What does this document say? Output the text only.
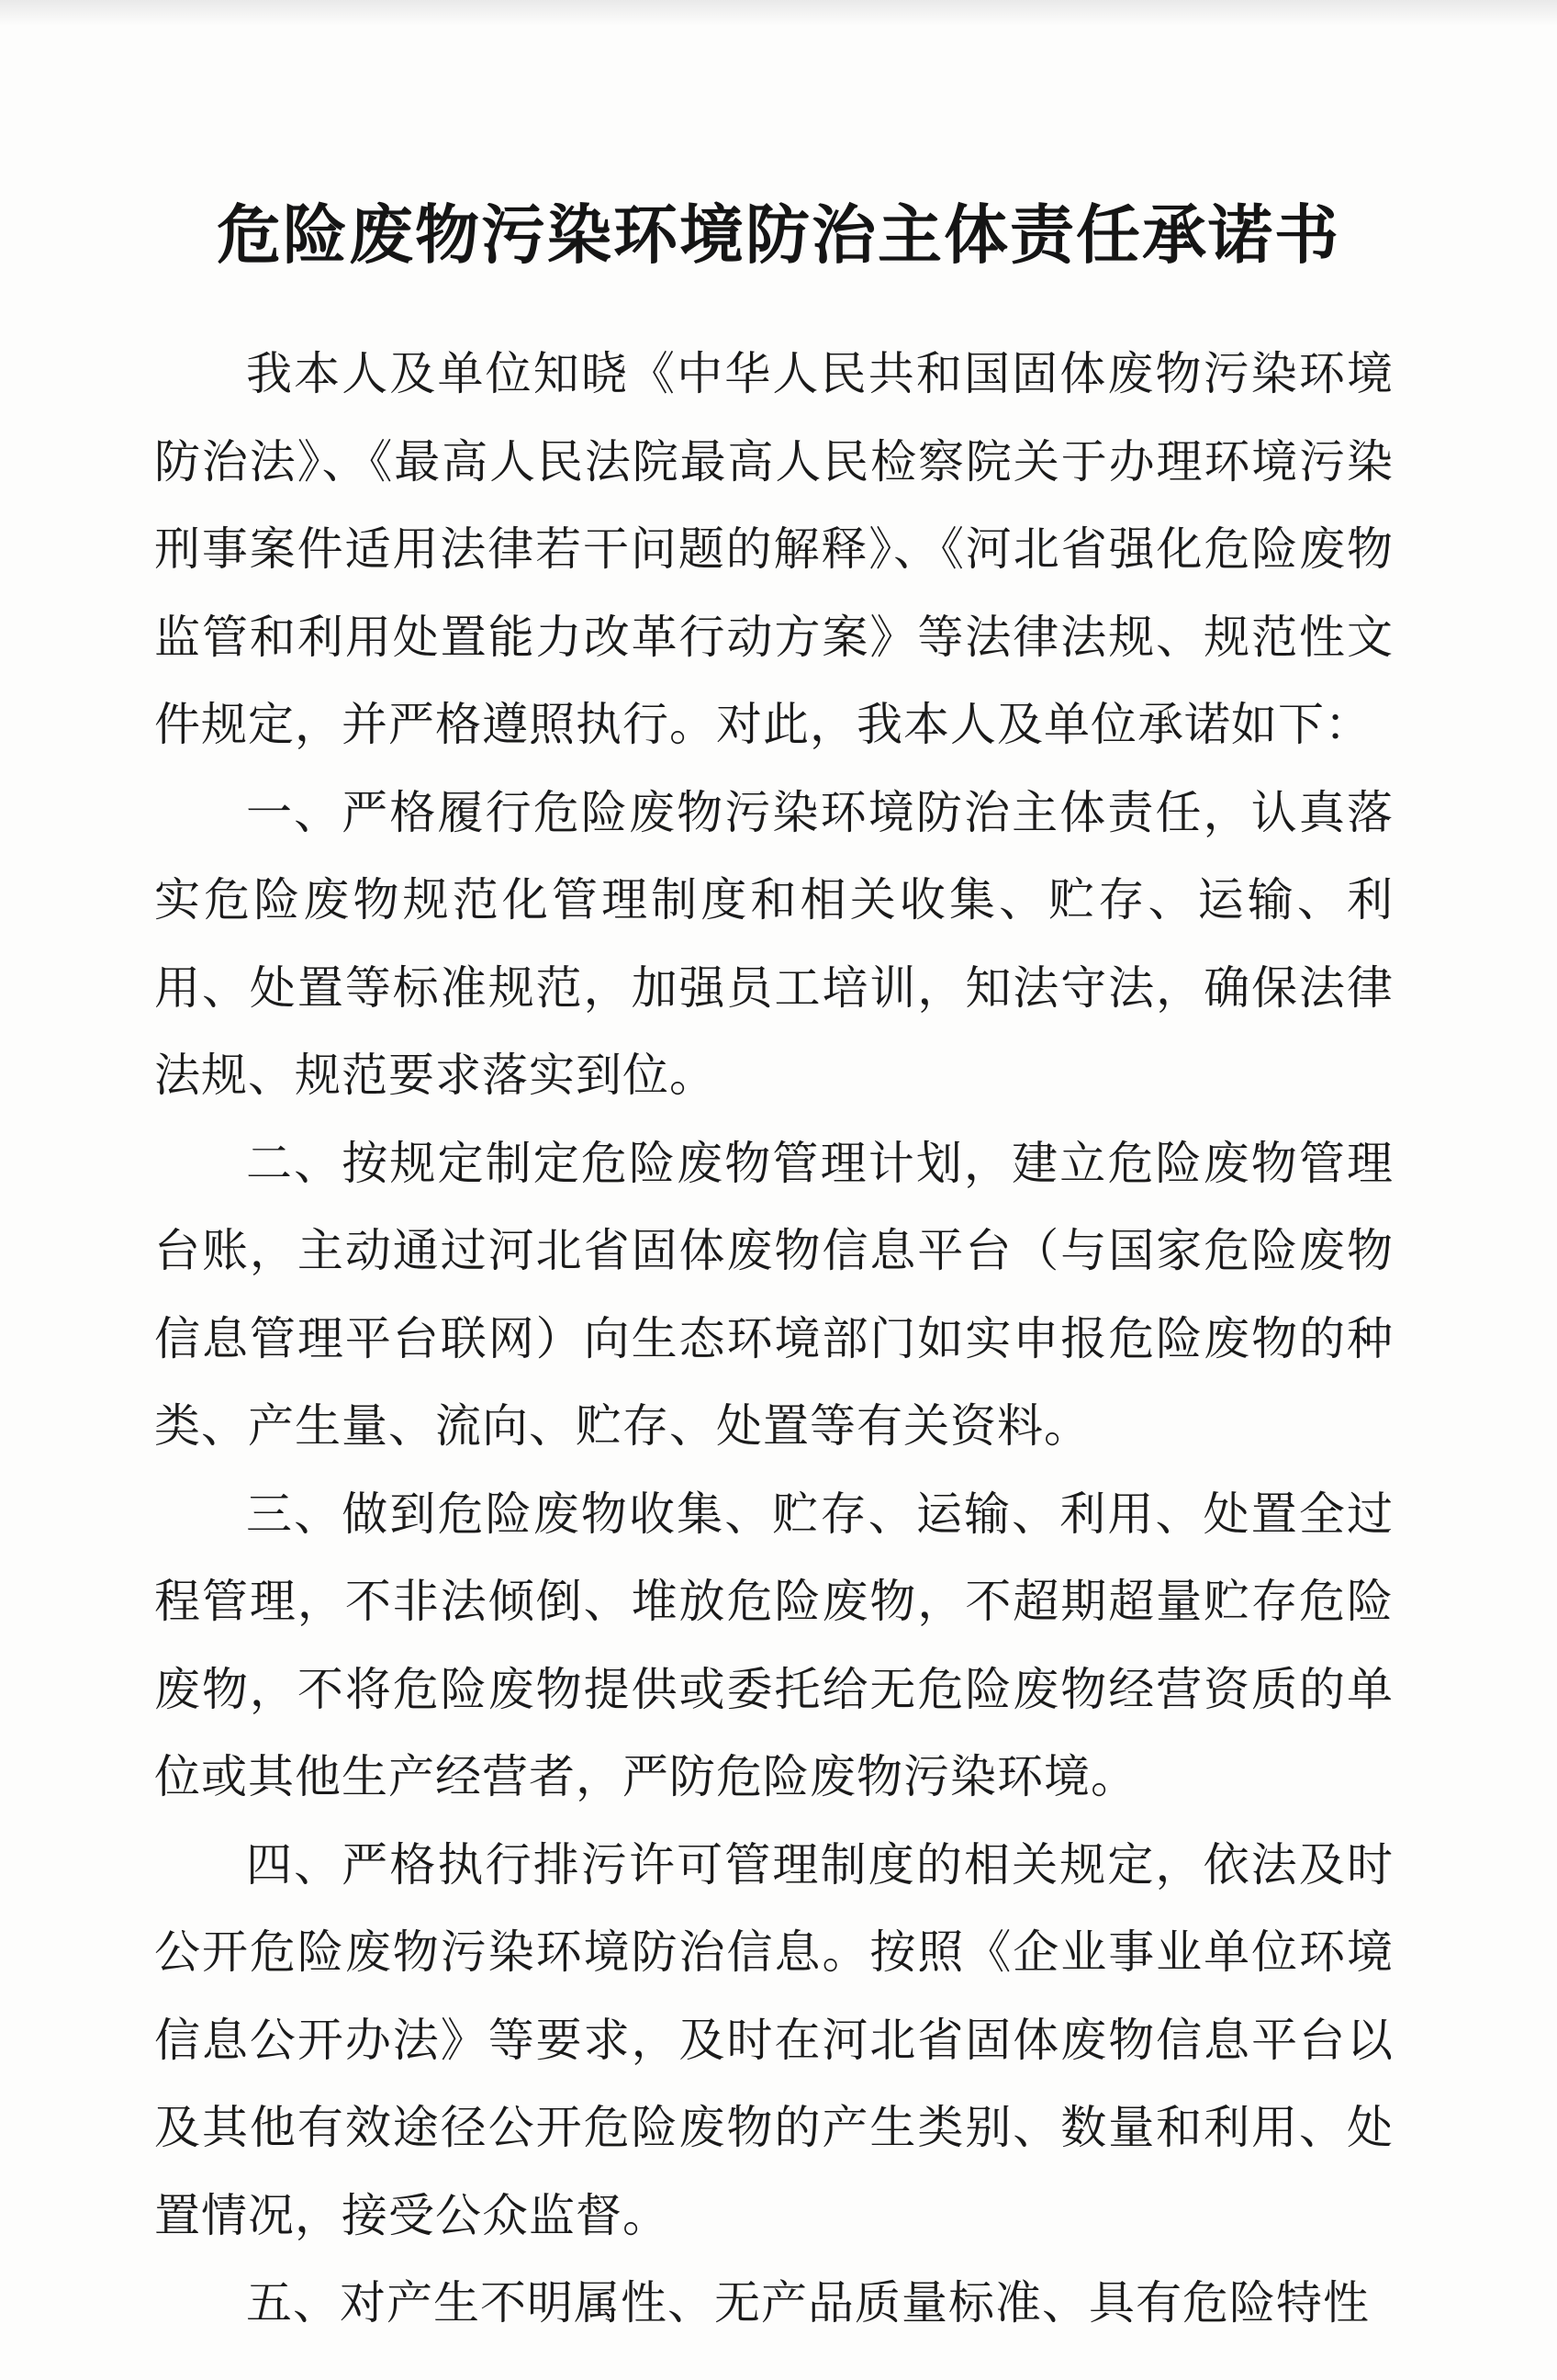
危险废物污染环境防治主体责任承诺书

我本人及单位知晓《中华人民共和国固体废物污染环境防治法》、《最高人民法院最高人民检察院关于办理环境污染刑事案件适用法律若干问题的解释》、《河北省强化危险废物监管和利用处置能力改革行动方案》等法律法规、规范性文件规定，并严格遵照执行。对此，我本人及单位承诺如下：

一、严格履行危险废物污染环境防治主体责任，认真落实危险废物规范化管理制度和相关收集、贮存、运输、利用、处置等标准规范，加强员工培训，知法守法，确保法律法规、规范要求落实到位。

二、按规定制定危险废物管理计划，建立危险废物管理台账，主动通过河北省固体废物信息平台（与国家危险废物信息管理平台联网）向生态环境部门如实申报危险废物的种类、产生量、流向、贮存、处置等有关资料。

三、做到危险废物收集、贮存、运输、利用、处置全过程管理，不非法倾倒、堆放危险废物，不超期超量贮存危险废物，不将危险废物提供或委托给无危险废物经营资质的单位或其他生产经营者，严防危险废物污染环境。

四、严格执行排污许可管理制度的相关规定，依法及时公开危险废物污染环境防治信息。按照《企业事业单位环境信息公开办法》等要求，及时在河北省固体废物信息平台以及其他有效途径公开危险废物的产生类别、数量和利用、处置情况，接受公众监督。

五、对产生不明属性、无产品质量标准、具有危险特性
